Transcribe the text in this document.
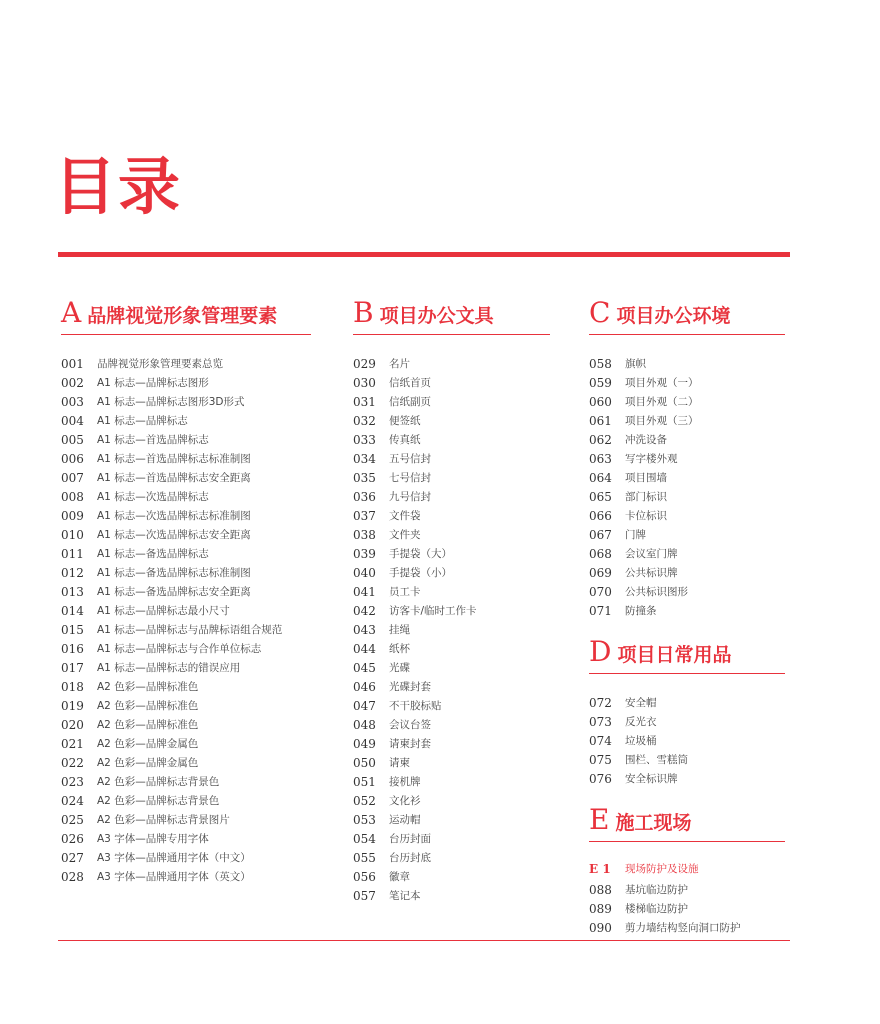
目录
A 品牌视觉形象管理要素
001	品牌视觉形象管理要素总览
002	A1 标志—品牌标志图形
003	A1 标志—品牌标志图形3D形式
004	A1 标志—品牌标志
005	A1 标志—首选品牌标志
006	A1 标志—首选品牌标志标准制图
007	A1 标志—首选品牌标志安全距离
008	A1 标志—次选品牌标志
009	A1 标志—次选品牌标志标准制图
010	A1 标志—次选品牌标志安全距离
011	A1 标志—备选品牌标志
012	A1 标志—备选品牌标志标准制图
013	A1 标志—备选品牌标志安全距离
014	A1 标志—品牌标志最小尺寸
015	A1 标志—品牌标志与品牌标语组合规范
016	A1 标志—品牌标志与合作单位标志
017	A1 标志—品牌标志的错误应用
018	A2 色彩—品牌标准色
019	A2 色彩—品牌标准色
020	A2 色彩—品牌标准色
021	A2 色彩—品牌金属色
022	A2 色彩—品牌金属色
023	A2 色彩—品牌标志背景色
024	A2 色彩—品牌标志背景色
025	A2 色彩—品牌标志背景图片
026	A3 字体—品牌专用字体
027	A3 字体—品牌通用字体（中文）
028	A3 字体—品牌通用字体（英文）
B 项目办公文具
029	名片
030	信纸首页
031	信纸副页
032	便签纸
033	传真纸
034	五号信封
035	七号信封
036	九号信封
037	文件袋
038	文件夹
039	手提袋（大）
040	手提袋（小）
041	员工卡
042	访客卡/临时工作卡
043	挂绳
044	纸杯
045	光碟
046	光碟封套
047	不干胶标贴
048	会议台签
049	请柬封套
050	请柬
051	接机牌
052	文化衫
053	运动帽
054	台历封面
055	台历封底
056	徽章
057	笔记本
C 项目办公环境
058	旗帜
059	项目外观（一）
060	项目外观（二）
061	项目外观（三）
062	冲洗设备
063	写字楼外观
064	项目围墙
065	部门标识
066	卡位标识
067	门牌
068	会议室门牌
069	公共标识牌
070	公共标识图形
071	防撞条
D 项目日常用品
072	安全帽
073	反光衣
074	垃圾桶
075	围栏、雪糕筒
076	安全标识牌
E 施工现场
E 1	现场防护及设施
088	基坑临边防护
089	楼梯临边防护
090	剪力墙结构竖向洞口防护
